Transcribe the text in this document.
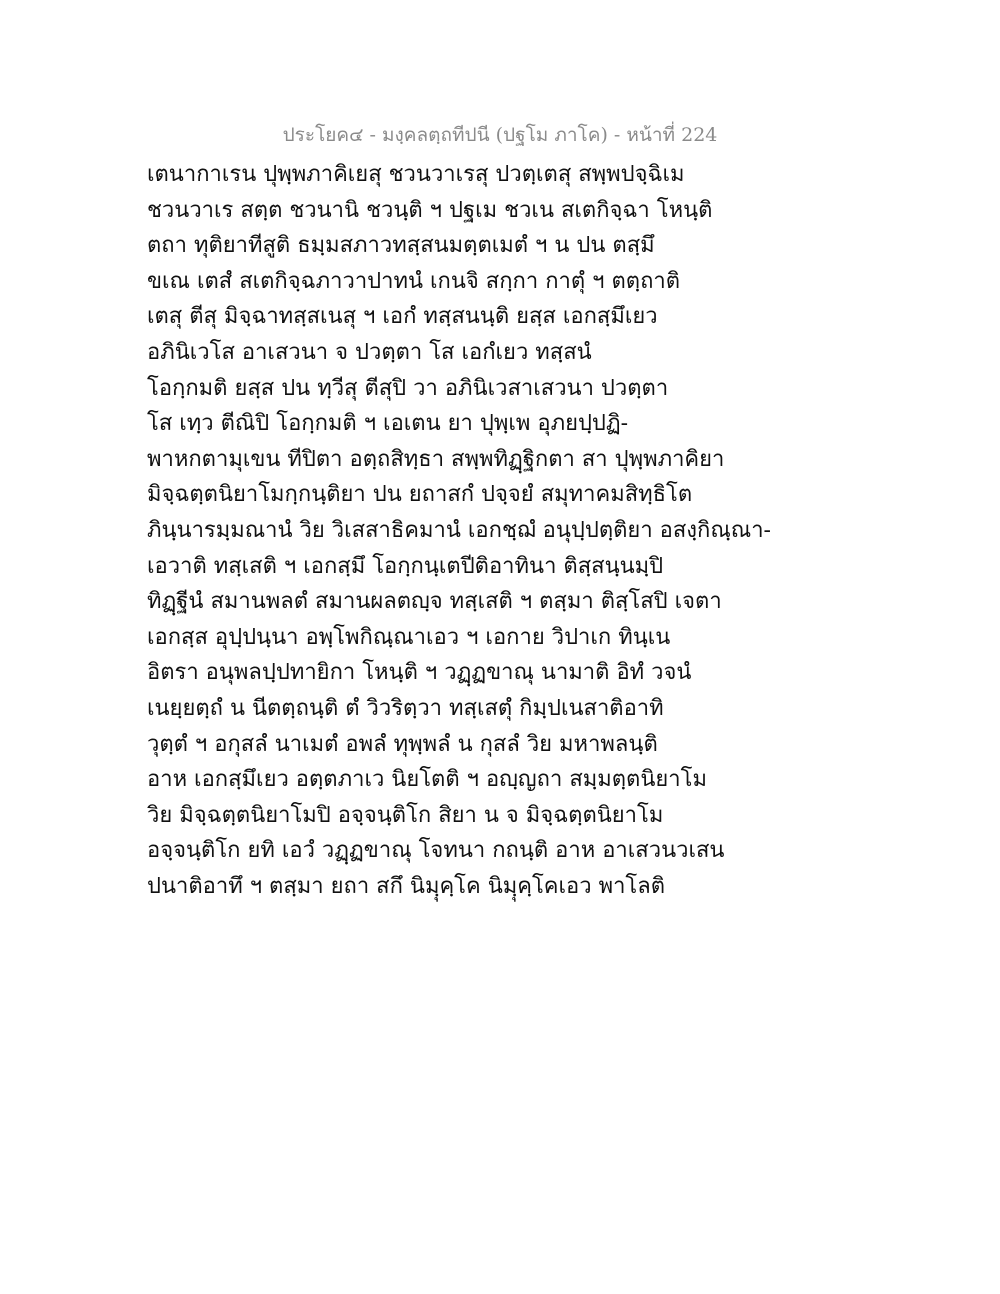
ประโยค๔ - มงฺคลตฺถทีปนี (ปฐโม ภาโค) - หน้าที่ 224
เตนากาเรน ปุพฺพภาคิเยสุ ชวนวาเรสุ ปวตฺเตสุ สพฺพปจฺฉิเม
ชวนวาเร สตฺต ชวนานิ ชวนฺติ ฯ ปฐเม ชวเน สเตกิจฺฉา โหนฺติ
ตถา ทุติยาทีสูติ ธมฺมสภาวทสฺสนมตฺตเมตํ ฯ น ปน ตสฺมึ
ขเณ เตสํ สเตกิจฺฉภาวาปาทนํ เกนจิ สกฺกา กาตุํ ฯ ตตฺถาติ
เตสุ ตีสุ มิจฺฉาทสฺสเนสุ ฯ เอกํ ทสฺสนนฺติ ยสฺส เอกสฺมึเยว
อภินิเวโส อาเสวนา จ ปวตฺตา โส เอกํเยว ทสฺสนํ
โอกฺกมติ ยสฺส ปน ทฺวีสุ ตีสุปิ วา อภินิเวสาเสวนา ปวตฺตา
โส เทฺว ตีณิปิ โอกฺกมติ ฯ เอเตน ยา ปุพฺเพ อุภยปฺปฏิ-
พาหกตามุเขน ทีปิตา อตฺถสิทฺธา สพฺพทิฏฺฐิกตา สา ปุพฺพภาคิยา
มิจฺฉตฺตนิยาโมกฺกนฺติยา ปน ยถาสกํ ปจฺจยํ สมุทาคมสิทฺธิโต
ภินฺนารมฺมณานํ วิย วิเสสาธิคมานํ เอกชฺฌํ อนุปฺปตฺติยา อสงฺกิณฺณา-
เอวาติ ทสฺเสติ ฯ เอกสฺมึ โอกฺกนฺเตปีติอาทินา ติสฺสนฺนมฺปิ
ทิฏฺฐีนํ สมานพลตํ สมานผลตญฺจ ทสฺเสติ ฯ ตสฺมา ติสฺโสปิ เจตา
เอกสฺส อุปฺปนฺนา อพฺโพกิณฺณาเอว ฯ เอกาย วิปาเก ทินฺเน
อิตรา อนุพลปฺปทายิกา โหนฺติ ฯ วฏฺฏขาณุ นามาติ อิทํ วจนํ
เนยฺยตฺถํ น นีตตฺถนฺติ ตํ วิวริตฺวา ทสฺเสตุํ กิมฺปเนสาติอาทิ
วุตฺตํ ฯ อกุสลํ นาเมตํ อพลํ ทุพฺพลํ น กุสลํ วิย มหาพลนฺติ
อาห เอกสฺมึเยว อตฺตภาเว นิยโตติ ฯ อญฺญถา สมฺมตฺตนิยาโม
วิย มิจฺฉตฺตนิยาโมปิ อจฺจนฺติโก สิยา น จ มิจฺฉตฺตนิยาโม
อจฺจนฺติโก ยทิ เอวํ วฏฺฏขาณุ โจทนา กถนฺติ อาห อาเสวนวเสน
ปนาติอาทึ ฯ ตสฺมา ยถา สกึ นิมฺุคฺโค นิมฺุคฺโคเอว พาโลติ
